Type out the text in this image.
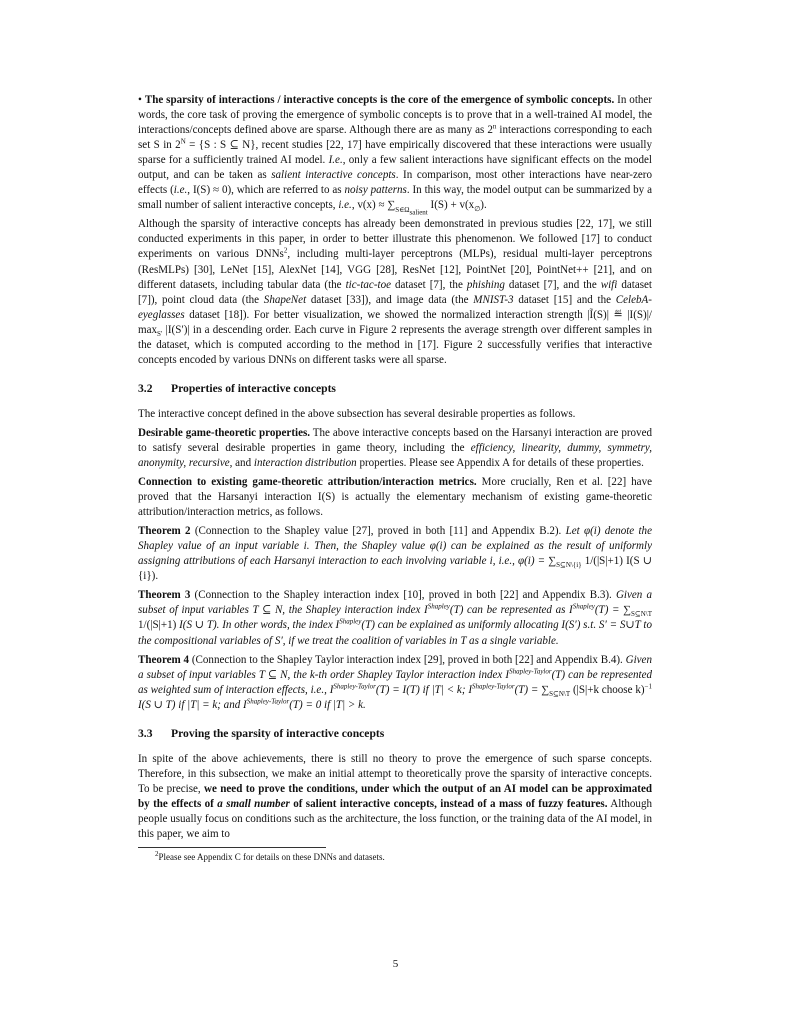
• The sparsity of interactions / interactive concepts is the core of the emergence of symbolic concepts. In other words, the core task of proving the emergence of symbolic concepts is to prove that in a well-trained AI model, the interactions/concepts defined above are sparse. Although there are as many as 2$^n$ interactions corresponding to each set S in $2^N = \{S$ : S ⊆ N}, recent studies [22, 17] have empirically discovered that these interactions were usually sparse for a sufficiently trained AI model. I.e., only a few salient interactions have significant effects on the model output, and can be taken as salient interactive concepts. In comparison, most other interactions have near-zero effects (i.e., I(S) ≈ 0), which are referred to as noisy patterns. In this way, the model output can be summarized by a small number of salient interactive concepts, i.e., $v(x) \approx \sum_{S\in\Omega_{salient}}$ $I(S) + v(x_\emptyset)$.

Although the sparsity of interactive concepts has already been demonstrated in previous studies [22, 17], we still conducted experiments in this paper, in order to better illustrate this phenomenon. We followed [17] to conduct experiments on various DNNs$^2$, including multi-layer perceptrons (MLPs), residual multi-layer perceptrons (ResMLPs) [30], LeNet [15], AlexNet [14], VGG [28], ResNet [12], PointNet [20], PointNet++ [21], and on different datasets, including tabular data (the tic-tac-toe dataset [7], the phishing dataset [7], and the wifi dataset [7]), point cloud data (the ShapeNet dataset [33]), and image data (the MNIST-3 dataset [15] and the CelebA-eyeglasses dataset [18]). For better visualization, we showed the normalized interaction strength |Ĩ(S)| ≝ |I(S)|/ $\max_{S'} |I(S')|$ in a descending order. Each curve in Figure 2 represents the average strength over different samples in the dataset, which is computed according to the method in [17]. Figure 2 successfully verifies that interactive concepts encoded by various DNNs on different tasks were all sparse.

3.2 Properties of interactive concepts

The interactive concept defined in the above subsection has several desirable properties as follows.

Desirable game-theoretic properties. The above interactive concepts based on the Harsanyi interaction are proved to satisfy several desirable properties in game theory, including the efficiency, linearity, dummy, symmetry, anonymity, recursive, and interaction distribution properties. Please see Appendix A for details of these properties.

Connection to existing game-theoretic attribution/interaction metrics. More crucially, Ren et al. [22] have proved that the Harsanyi interaction I(S) is actually the elementary mechanism of existing game-theoretic attribution/interaction metrics, as follows.

Theorem 2 (Connection to the Shapley value [27], proved in both [11] and Appendix B.2). Let φ(i) denote the Shapley value of an input variable i. Then, the Shapley value φ(i) can be explained as the result of uniformly assigning attributions of each Harsanyi interaction to each involving variable i, i.e., $\varphi(i) = \sum_{S⊆N\backslash\{i\}}$ 1/(|S|+1) I(S ∪ {i}).

Theorem 3 (Connection to the Shapley interaction index [10], proved in both [22] and Appendix B.3). Given a subset of input variables T ⊆ N, the Shapley interaction index $I^{Shapley}(T)$ can be represented as $I^{Shapley}(T) = \sum_{S⊆N\backslash T}$ 1/(|S|+1) I(S ∪ T). In other words, the index $I^{Shapley}(T)$ can be explained as uniformly allocating I(S′) s.t. S′ = S∪T to the compositional variables of S′, if we treat the coalition of variables in T as a single variable.

Theorem 4 (Connection to the Shapley Taylor interaction index [29], proved in both [22] and Appendix B.4). Given a subset of input variables T ⊆ N, the k-th order Shapley Taylor interaction index $I^{Shapley-Taylor}(T)$ can be represented as weighted sum of interaction effects, i.e., $I^{Shapley-Taylor}(T) = I(T)$ if |T| < k; $I^{Shapley-Taylor}(T) = \sum_{S⊆N\backslash T}$ (|S|+k choose k)$^{-1}$ I(S ∪ T) if |T| = k; and $I^{Shapley-Taylor}(T) = 0$ if |T| > k.

3.3 Proving the sparsity of interactive concepts

In spite of the above achievements, there is still no theory to prove the emergence of such sparse concepts. Therefore, in this subsection, we make an initial attempt to theoretically prove the sparsity of interactive concepts. To be precise, we need to prove the conditions, under which the output of an AI model can be approximated by the effects of a small number of salient interactive concepts, instead of a mass of fuzzy features. Although people usually focus on conditions such as the architecture, the loss function, or the training data of the AI model, in this paper, we aim to

$^2$Please see Appendix C for details on these DNNs and datasets.
5
